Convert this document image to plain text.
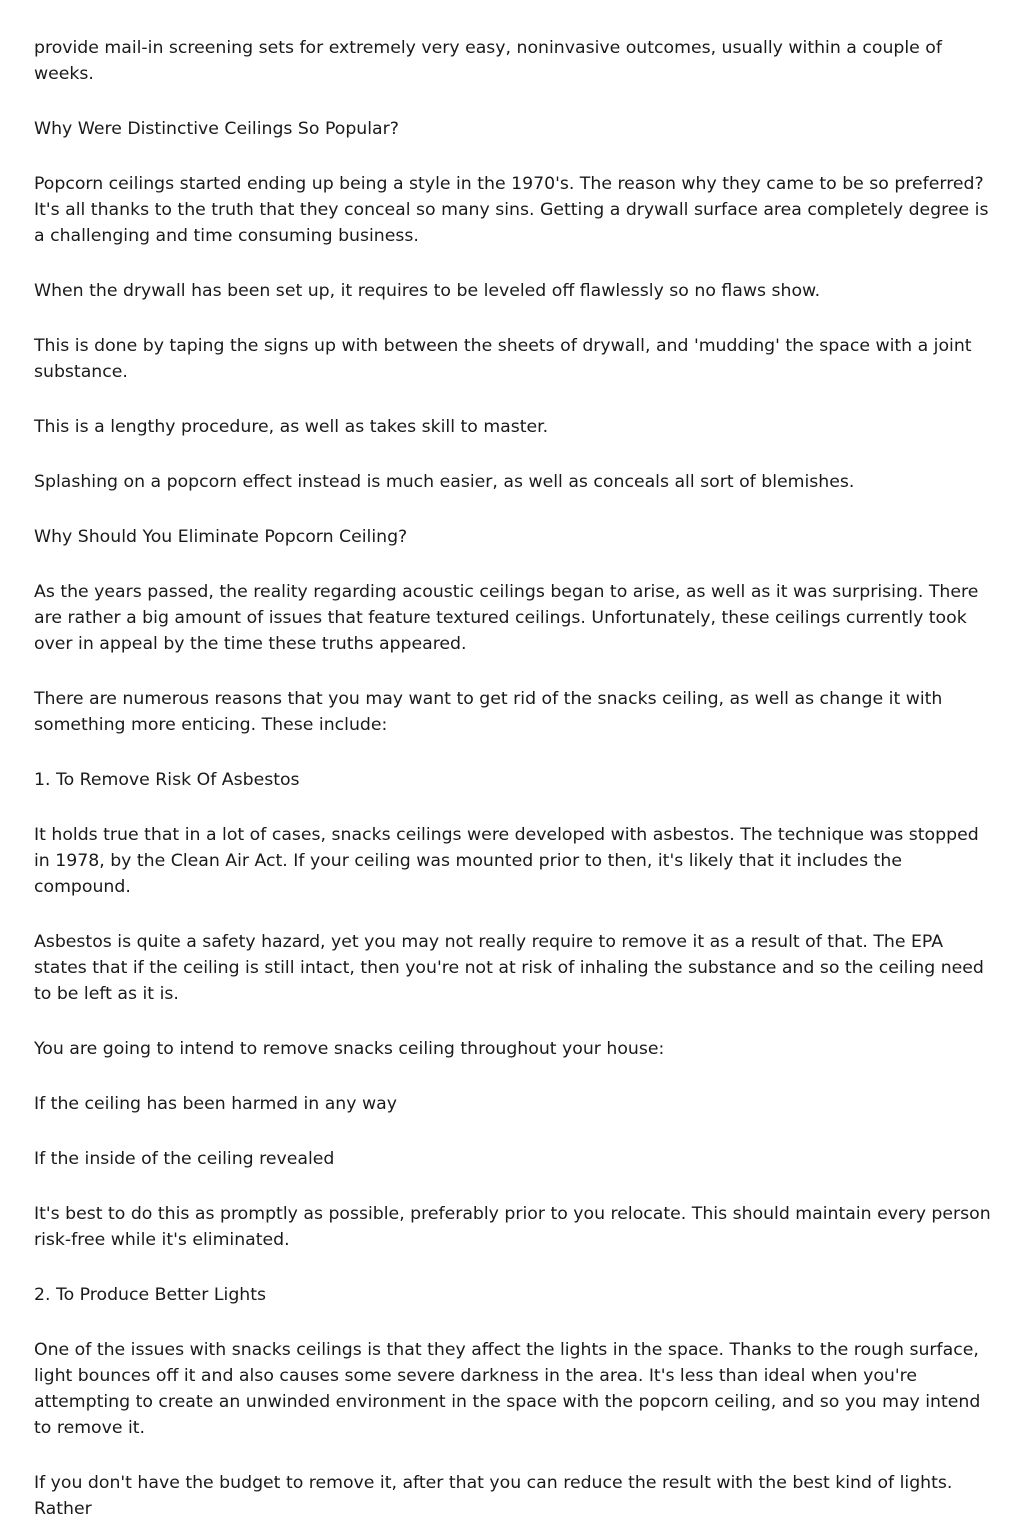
provide mail-in screening sets for extremely very easy, noninvasive outcomes, usually within a couple of weeks.

Why Were Distinctive Ceilings So Popular?

Popcorn ceilings started ending up being a style in the 1970's. The reason why they came to be so preferred? It's all thanks to the truth that they conceal so many sins. Getting a drywall surface area completely degree is a challenging and time consuming business.

When the drywall has been set up, it requires to be leveled off flawlessly so no flaws show.

This is done by taping the signs up with between the sheets of drywall, and 'mudding' the space with a joint substance.

This is a lengthy procedure, as well as takes skill to master.

Splashing on a popcorn effect instead is much easier, as well as conceals all sort of blemishes.

Why Should You Eliminate Popcorn Ceiling?

As the years passed, the reality regarding acoustic ceilings began to arise, as well as it was surprising. There are rather a big amount of issues that feature textured ceilings. Unfortunately, these ceilings currently took over in appeal by the time these truths appeared.

There are numerous reasons that you may want to get rid of the snacks ceiling, as well as change it with something more enticing. These include:

1. To Remove Risk Of Asbestos

It holds true that in a lot of cases, snacks ceilings were developed with asbestos. The technique was stopped in 1978, by the Clean Air Act. If your ceiling was mounted prior to then, it's likely that it includes the compound.

Asbestos is quite a safety hazard, yet you may not really require to remove it as a result of that. The EPA states that if the ceiling is still intact, then you're not at risk of inhaling the substance and so the ceiling need to be left as it is.

You are going to intend to remove snacks ceiling throughout your house:

If the ceiling has been harmed in any way

If the inside of the ceiling revealed

It's best to do this as promptly as possible, preferably prior to you relocate. This should maintain every person risk-free while it's eliminated.

2. To Produce Better Lights

One of the issues with snacks ceilings is that they affect the lights in the space. Thanks to the rough surface, light bounces off it and also causes some severe darkness in the area. It's less than ideal when you're attempting to create an unwinded environment in the space with the popcorn ceiling, and so you may intend to remove it.

If you don't have the budget to remove it, after that you can reduce the result with the best kind of lights. Rather
